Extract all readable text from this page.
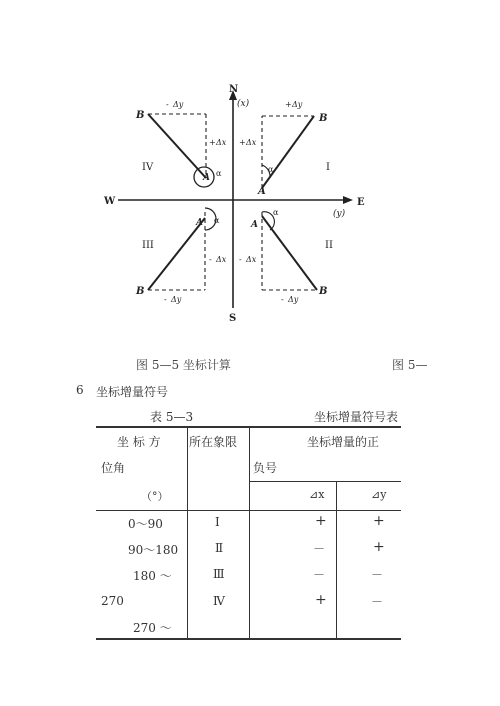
N
S
E
W
(x)
(y)
B
A
α
+ Δy
+ Δx
I
B
A α
- Δy
+ Δx
IV
B
A α
- Δy
- Δx
III
B
A
α
- Δy
- Δx
II
图 5—5 坐标计算	图 5—
6 坐标增量符号
表 5—3	坐标增量符号表
坐 标 方
位角
（°）
所在象限	坐标增量的正
负号
⊿x	⊿y
0～90	Ⅰ	+	+
90～180	Ⅱ	－	+
180 ～	Ⅲ	－	－
270	Ⅳ	+	－
270 ～
